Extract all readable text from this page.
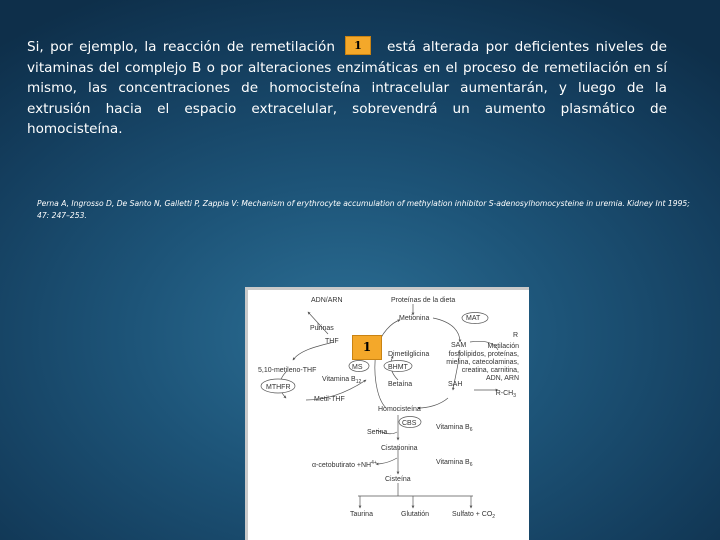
Si, por ejemplo, la reacción de remetilación 1 está alterada por deficientes niveles de vitaminas del complejo B o por alteraciones enzimáticas en el proceso de remetilación en sí mismo, las concentraciones de homocisteína intracelular aumentarán, y luego de la extrusión hacia el espacio extracelular, sobrevendrá un aumento plasmático de homocisteína.
Perna A, Ingrosso D, De Santo N, Galletti P, Zappia V: Mechanism of erythrocyte accumulation of methylation inhibitor S-adenosylhomocysteine in uremia. Kidney Int 1995; 47: 247–253.
ADN/ARN	Proteínas de la dieta
MAT
Metionina
Purinas
R
THF
SAM	Metilación
fosfolípidos, proteínas,
mielina, catecolaminas,
creatina, carnitina,
ADN, ARN
Dimetilglicina
MS	BHMT
5,10-metileno-THF
Vitamina $B_{12}$	Betaína	SAH
$R-CH_3$
MTHFR
Metil-THF
Homocisteína
CBS
Vitamina $B_6$
Serina
Cistationina
Vitamina $B_6$
α-cetobutirato $+NH^4+$
Cisteína
Taurina	Glutatión	Sulfato + $CO_2$
1
